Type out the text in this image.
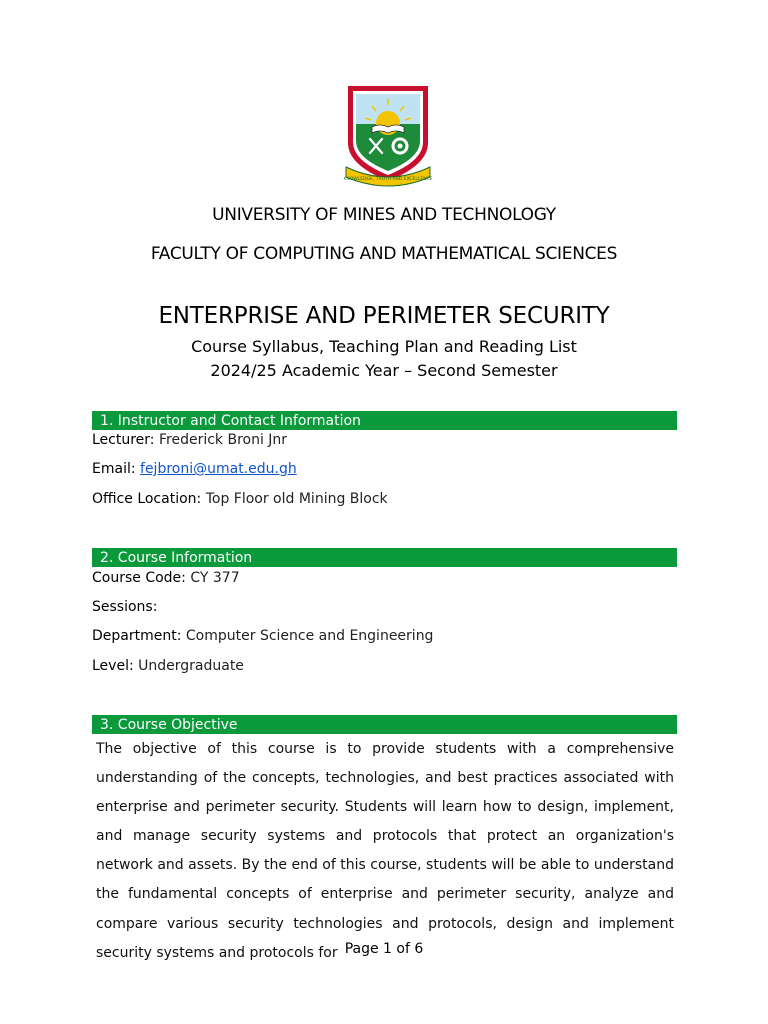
KNOWLEDGE, TRUTH AND EXCELLENCE
UNIVERSITY OF MINES AND TECHNOLOGY
FACULTY OF COMPUTING AND MATHEMATICAL SCIENCES
ENTERPRISE AND PERIMETER SECURITY
Course Syllabus, Teaching Plan and Reading List
2024/25 Academic Year – Second Semester
1. Instructor and Contact Information
Lecturer: Frederick Broni Jnr
Email: fejbroni@umat.edu.gh
Office Location: Top Floor old Mining Block
2. Course Information
Course Code: CY 377
Sessions:
Department: Computer Science and Engineering
Level: Undergraduate
3. Course Objective
The objective of this course is to provide students with a comprehensive understanding of the concepts, technologies, and best practices associated with enterprise and perimeter security. Students will learn how to design, implement, and manage security systems and protocols that protect an organization's network and assets. By the end of this course, students will be able to understand the fundamental concepts of enterprise and perimeter security, analyze and compare various security technologies and protocols, design and implement security systems and protocols for Page 1 of 6
